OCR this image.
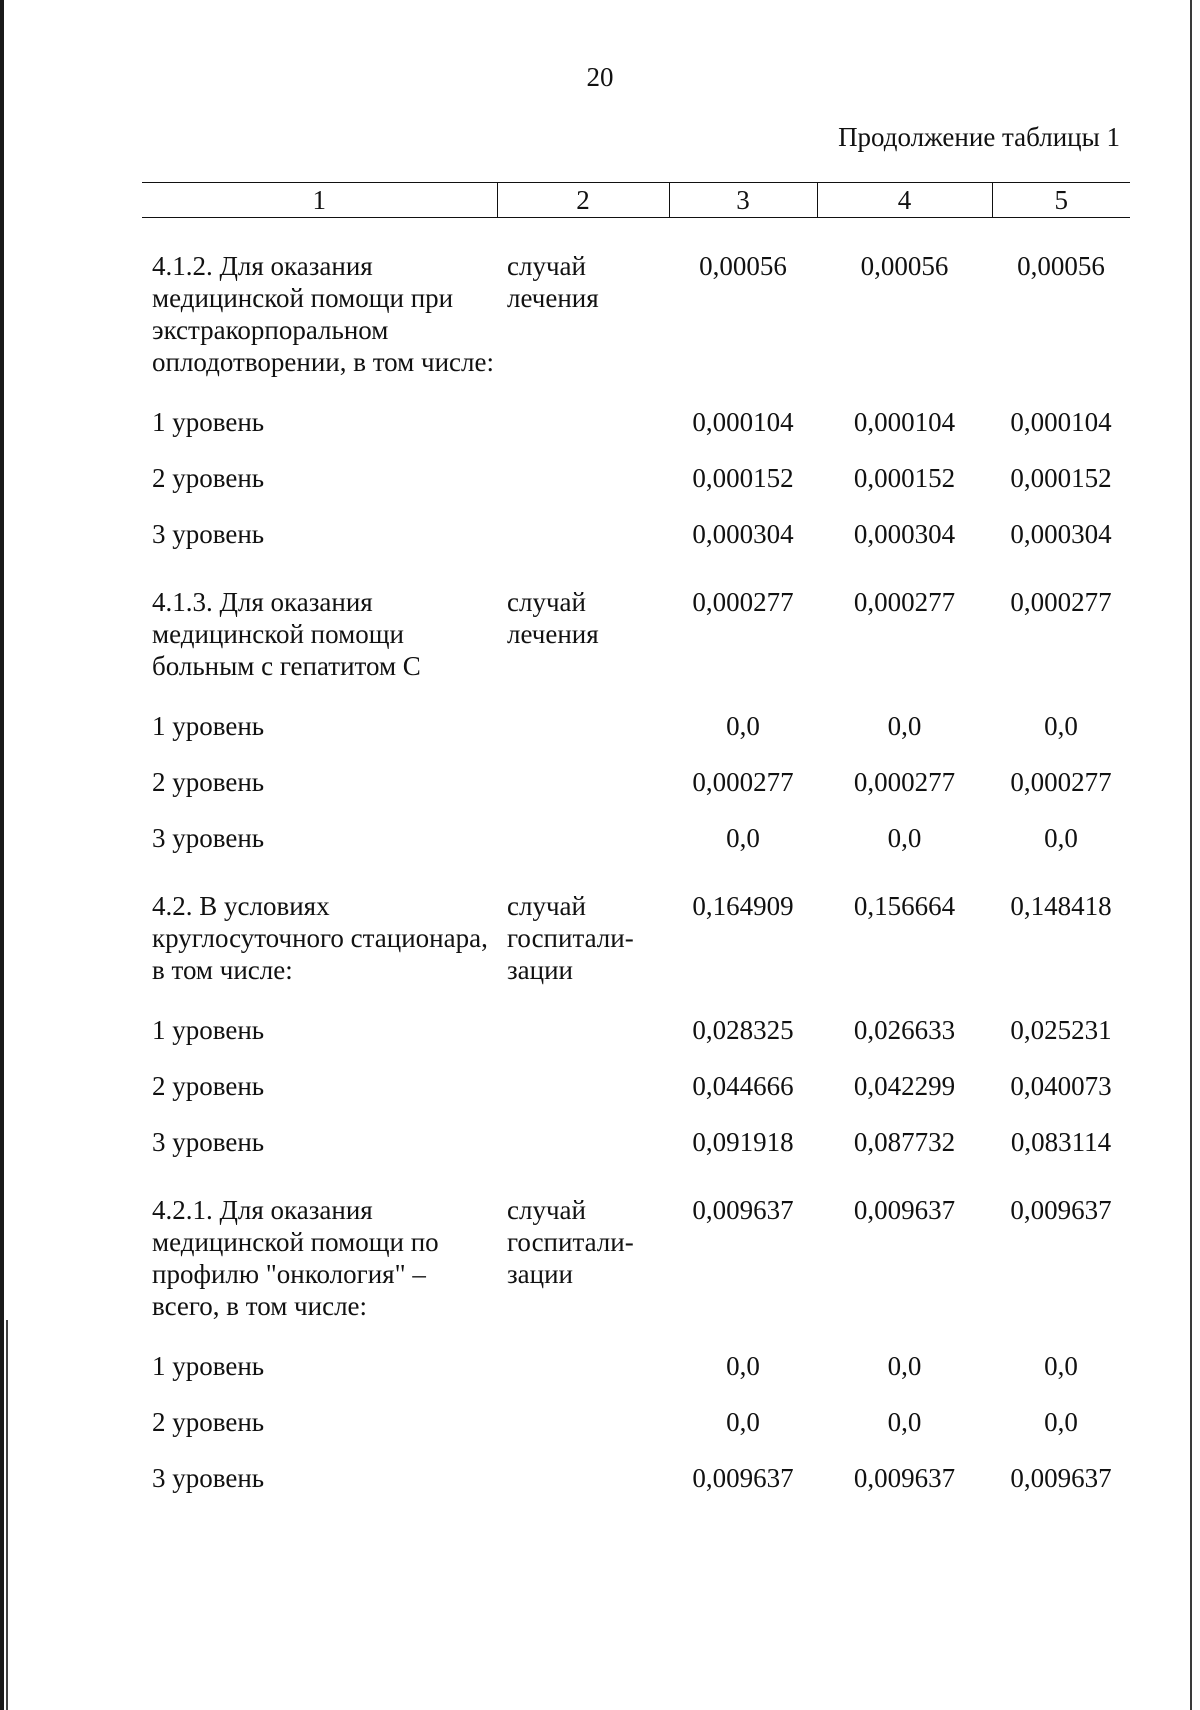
20
Продолжение таблицы 1
1	2	3	4	5
4.1.2. Для оказания медицинской помощи при экстракорпоральном оплодотворении, в том числе:	случай лечения	0,00056	0,00056	0,00056
1 уровень		0,000104	0,000104	0,000104
2 уровень		0,000152	0,000152	0,000152
3 уровень		0,000304	0,000304	0,000304
4.1.3. Для оказания медицинской помощи больным с гепатитом С	случай лечения	0,000277	0,000277	0,000277
1 уровень		0,0	0,0	0,0
2 уровень		0,000277	0,000277	0,000277
3 уровень		0,0	0,0	0,0
4.2. В условиях круглосуточного стационара, в том числе:	случай госпитали-зации	0,164909	0,156664	0,148418
1 уровень		0,028325	0,026633	0,025231
2 уровень		0,044666	0,042299	0,040073
3 уровень		0,091918	0,087732	0,083114
4.2.1. Для оказания медицинской помощи по профилю "онкология" – всего, в том числе:	случай госпитали-зации	0,009637	0,009637	0,009637
1 уровень		0,0	0,0	0,0
2 уровень		0,0	0,0	0,0
3 уровень		0,009637	0,009637	0,009637
